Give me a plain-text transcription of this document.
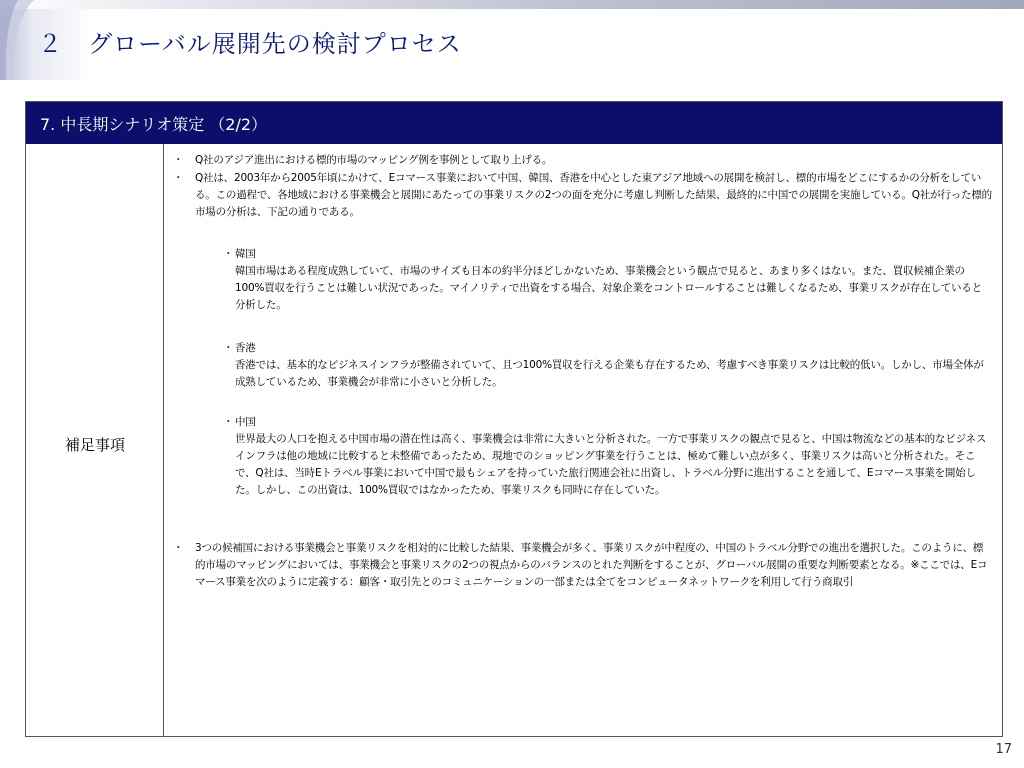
２　グローバル展開先の検討プロセス
7. 中長期シナリオ策定 （2/2）
補足事項
・ Q社のアジア進出における標的市場のマッピング例を事例として取り上げる。
・ Q社は、2003年から2005年頃にかけて、Eコマース事業において中国、韓国、香港を中心とした東アジア地域への展開を検討し、標的市場をどこにするかの分析をしている。この過程で、各地域における事業機会と展開にあたっての事業リスクの2つの面を充分に考慮し判断した結果、最終的に中国での展開を実施している。Q社が行った標的市場の分析は、下記の通りである。
・ 韓国
韓国市場はある程度成熟していて、市場のサイズも日本の約半分ほどしかないため、事業機会という観点で見ると、あまり多くはない。また、買収候補企業の100%買収を行うことは難しい状況であった。マイノリティで出資をする場合、対象企業をコントロールすることは難しくなるため、事業リスクが存在していると分析した。
・ 香港
香港では、基本的なビジネスインフラが整備されていて、且つ100%買収を行える企業も存在するため、考慮すべき事業リスクは比較的低い。しかし、市場全体が成熟しているため、事業機会が非常に小さいと分析した。
・ 中国
世界最大の人口を抱える中国市場の潜在性は高く、事業機会は非常に大きいと分析された。一方で事業リスクの観点で見ると、中国は物流などの基本的なビジネスインフラは他の地域に比較すると未整備であったため、現地でのショッピング事業を行うことは、極めて難しい点が多く、事業リスクは高いと分析された。そこで、Q社は、当時Eトラベル事業において中国で最もシェアを持っていた旅行関連会社に出資し、トラベル分野に進出することを通して、Eコマース事業を開始した。しかし、この出資は、100%買収ではなかったため、事業リスクも同時に存在していた。
・ 3つの候補国における事業機会と事業リスクを相対的に比較した結果、事業機会が多く、事業リスクが中程度の、中国のトラベル分野での進出を選択した。このように、標的市場のマッピングにおいては、事業機会と事業リスクの2つの視点からのバランスのとれた判断をすることが、グローバル展開の重要な判断要素となる。※ここでは、Eコマース事業を次のように定義する：顧客・取引先とのコミュニケーションの一部または全てをコンピュータネットワークを利用して行う商取引
17
